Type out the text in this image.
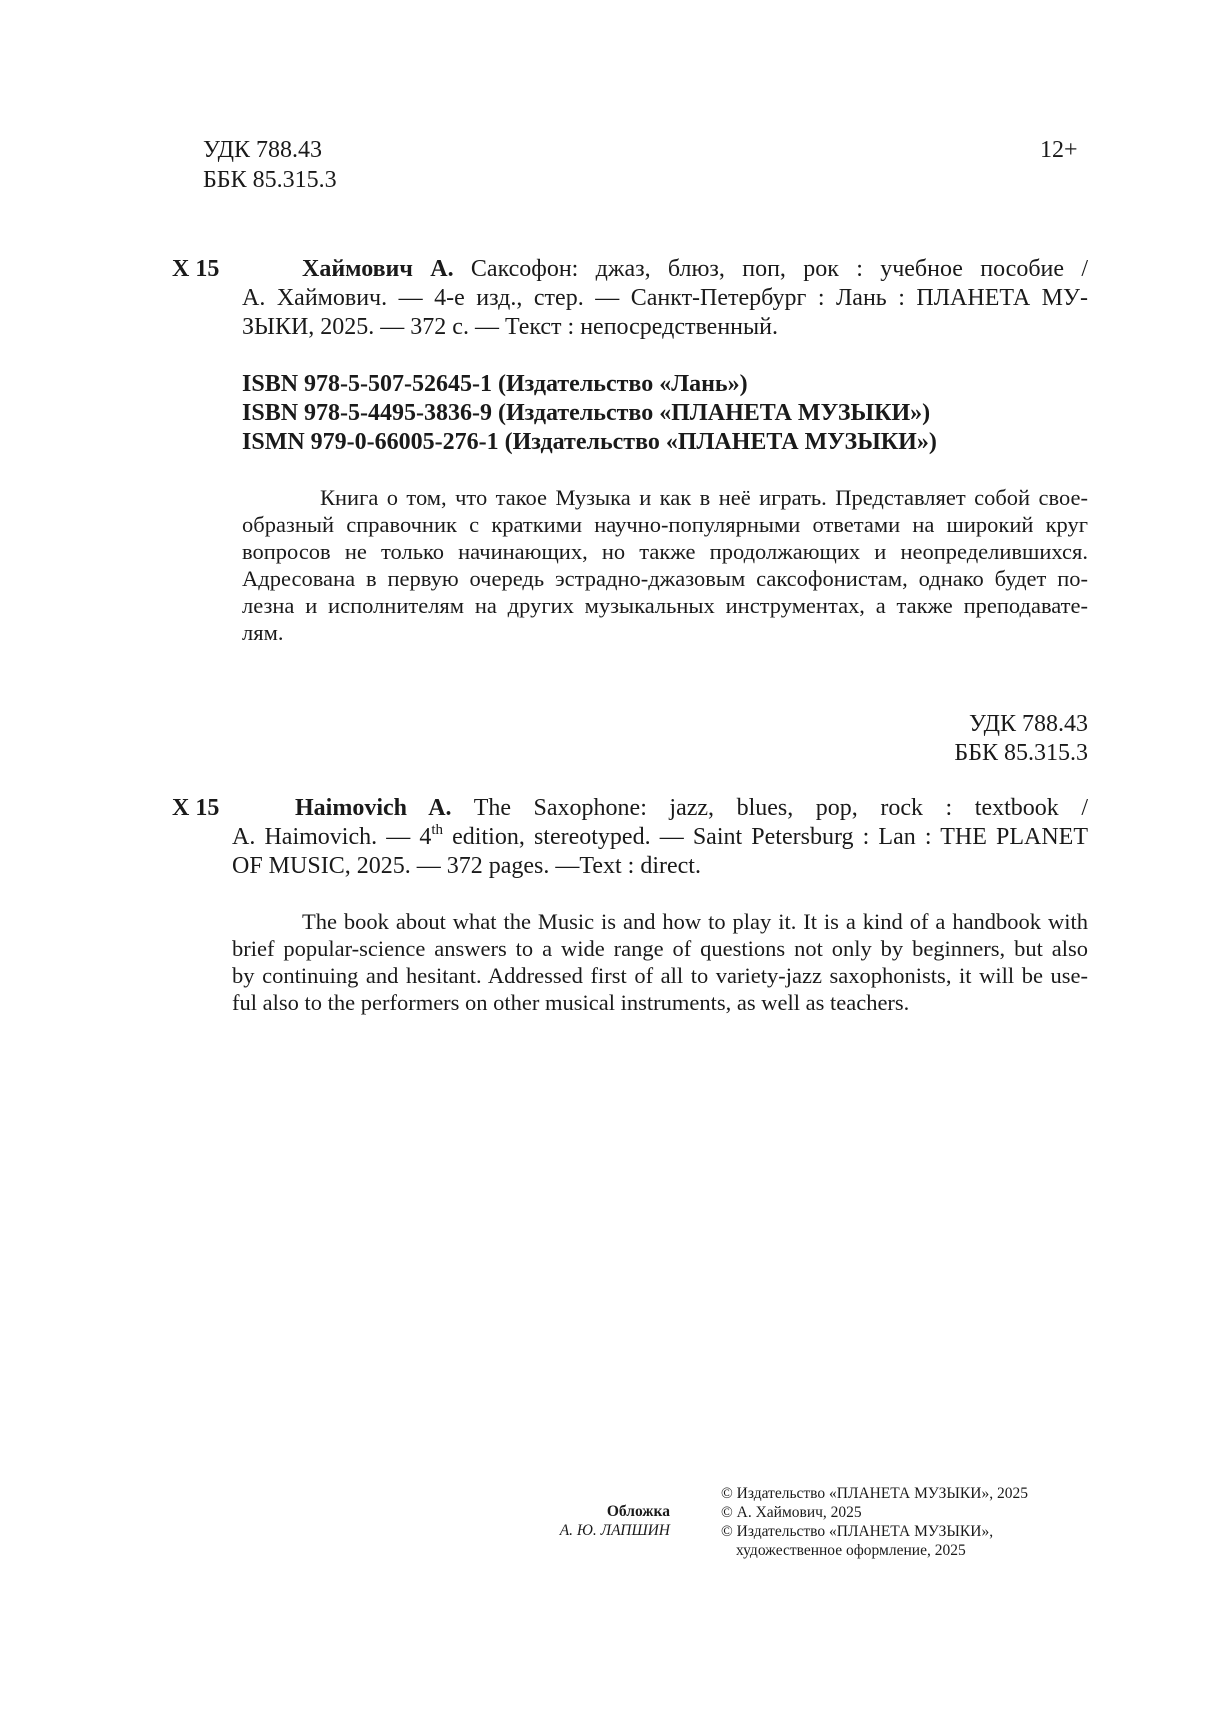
УДК 788.43
ББК 85.315.3
12+
Х 15	Хаймович А. Саксофон: джаз, блюз, поп, рок : учебное пособие /
А. Хаймович. — 4-е изд., стер. — Санкт-Петербург : Лань : ПЛАНЕТА МУ-
ЗЫКИ, 2025. — 372 с. — Текст : непосредственный.
ISBN 978-5-507-52645-1 (Издательство «Лань»)
ISBN 978-5-4495-3836-9 (Издательство «ПЛАНЕТА МУЗЫКИ»)
ISMN 979-0-66005-276-1 (Издательство «ПЛАНЕТА МУЗЫКИ»)
Книга о том, что такое Музыка и как в неё играть. Представляет собой свое-
образный справочник с краткими научно-популярными ответами на широкий круг
вопросов не только начинающих, но также продолжающих и неопределившихся.
Адресована в первую очередь эстрадно-джазовым саксофонистам, однако будет по-
лезна и исполнителям на других музыкальных инструментах, а также преподавате-
лям.
УДК 788.43
ББК 85.315.3
Х 15	Haimovich A. The Saxophone: jazz, blues, pop, rock : textbook /
A. Haimovich. — 4th edition, stereotyped. — Saint Petersburg : Lan : THE PLANET
OF MUSIC, 2025. — 372 pages. —Text : direct.
The book about what the Music is and how to play it. It is a kind of a handbook with
brief popular-science answers to a wide range of questions not only by beginners, but also
by continuing and hesitant. Addressed first of all to variety-jazz saxophonists, it will be use-
ful also to the performers on other musical instruments, as well as teachers.
Обложка
А. Ю. ЛАПШИН
© Издательство «ПЛАНЕТА МУЗЫКИ», 2025
© А. Хаймович, 2025
© Издательство «ПЛАНЕТА МУЗЫКИ»,
художественное оформление, 2025
